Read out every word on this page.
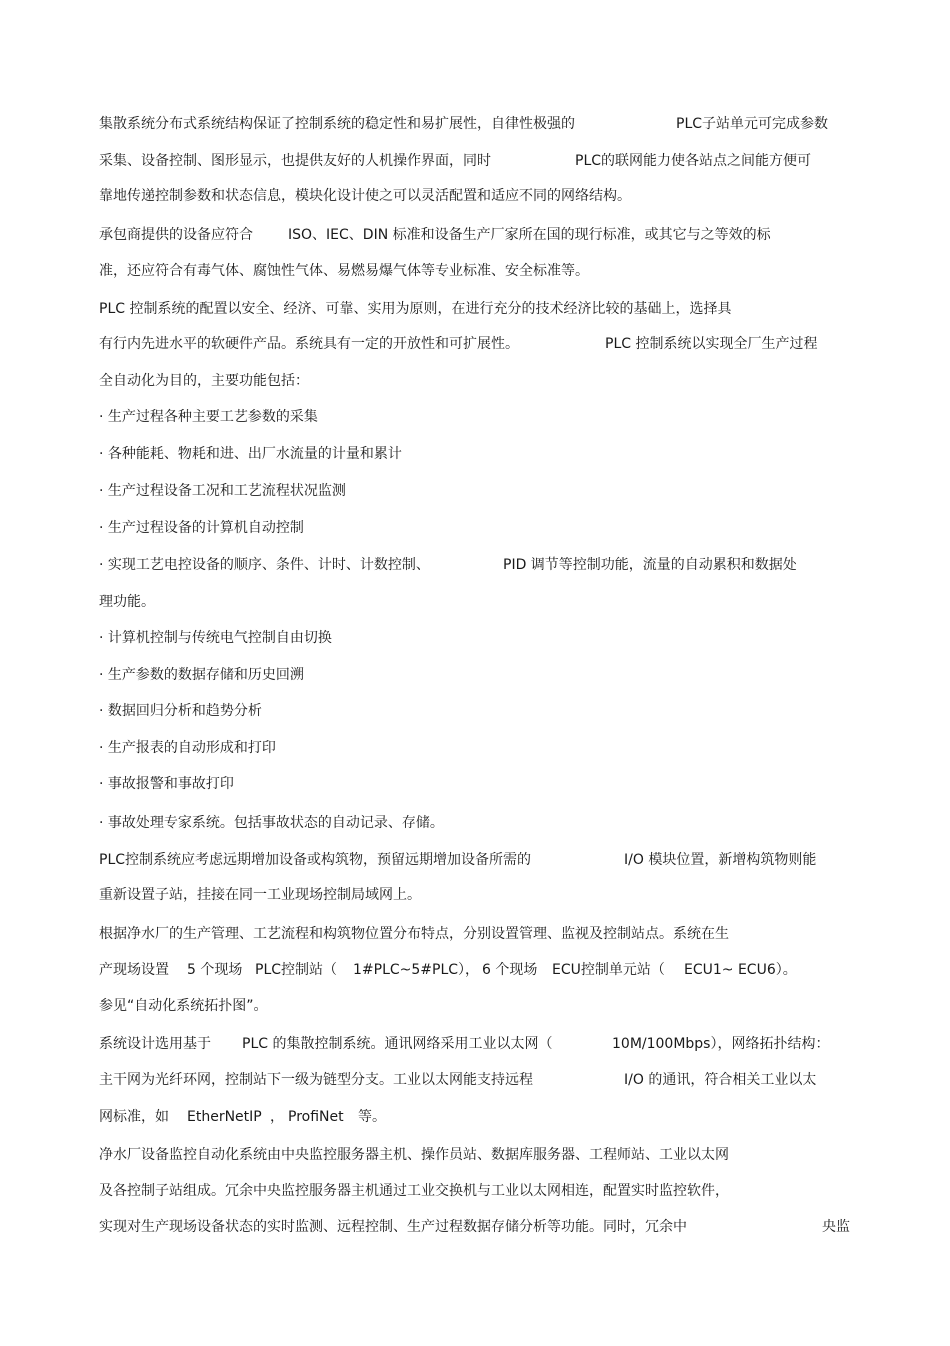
集散系统分布式系统结构保证了控制系统的稳定性和易扩展性，自律性极强的	PLC子站单元可完成参数
采集、设备控制、图形显示，也提供友好的人机操作界面，同时	PLC的联网能力使各站点之间能方便可
靠地传递控制参数和状态信息，模块化设计使之可以灵活配置和适应不同的网络结构。
承包商提供的设备应符合	ISO、IEC、DIN 标准和设备生产厂家所在国的现行标准，或其它与之等效的标
准，还应符合有毒气体、腐蚀性气体、易燃易爆气体等专业标准、安全标准等。
PLC 控制系统的配置以安全、经济、可靠、实用为原则，在进行充分的技术经济比较的基础上，选择具
有行内先进水平的软硬件产品。系统具有一定的开放性和可扩展性。	PLC 控制系统以实现全厂生产过程
全自动化为目的，主要功能包括：
· 生产过程各种主要工艺参数的采集
· 各种能耗、物耗和进、出厂水流量的计量和累计
· 生产过程设备工况和工艺流程状况监测
· 生产过程设备的计算机自动控制
· 实现工艺电控设备的顺序、条件、计时、计数控制、	PID 调节等控制功能，流量的自动累积和数据处
理功能。
· 计算机控制与传统电气控制自由切换
· 生产参数的数据存储和历史回溯
· 数据回归分析和趋势分析
· 生产报表的自动形成和打印
· 事故报警和事故打印
· 事故处理专家系统。包括事故状态的自动记录、存储。
PLC控制系统应考虑远期增加设备或构筑物，预留远期增加设备所需的	I/O 模块位置，新增构筑物则能
重新设置子站，挂接在同一工业现场控制局域网上。
根据净水厂的生产管理、工艺流程和构筑物位置分布特点，分别设置管理、监视及控制站点。系统在生
产现场设置 5 个现场 PLC控制站（ 1#PLC~5#PLC）， 6 个现场 ECU控制单元站（ ECU1~ ECU6）。
参见“自动化系统拓扑图”。
系统设计选用基于 PLC 的集散控制系统。通讯网络采用工业以太网（	10M/100Mbps），网络拓扑结构：
主干网为光纤环网，控制站下一级为链型分支。工业以太网能支持远程	I/O 的通讯，符合相关工业以太
网标准，如 EtherNetIP ， ProfiNet 等。
净水厂设备监控自动化系统由中央监控服务器主机、操作员站、数据库服务器、工程师站、工业以太网
及各控制子站组成。冗余中央监控服务器主机通过工业交换机与工业以太网相连，配置实时监控软件，
实现对生产现场设备状态的实时监测、远程控制、生产过程数据存储分析等功能。同时，冗余中	央监
